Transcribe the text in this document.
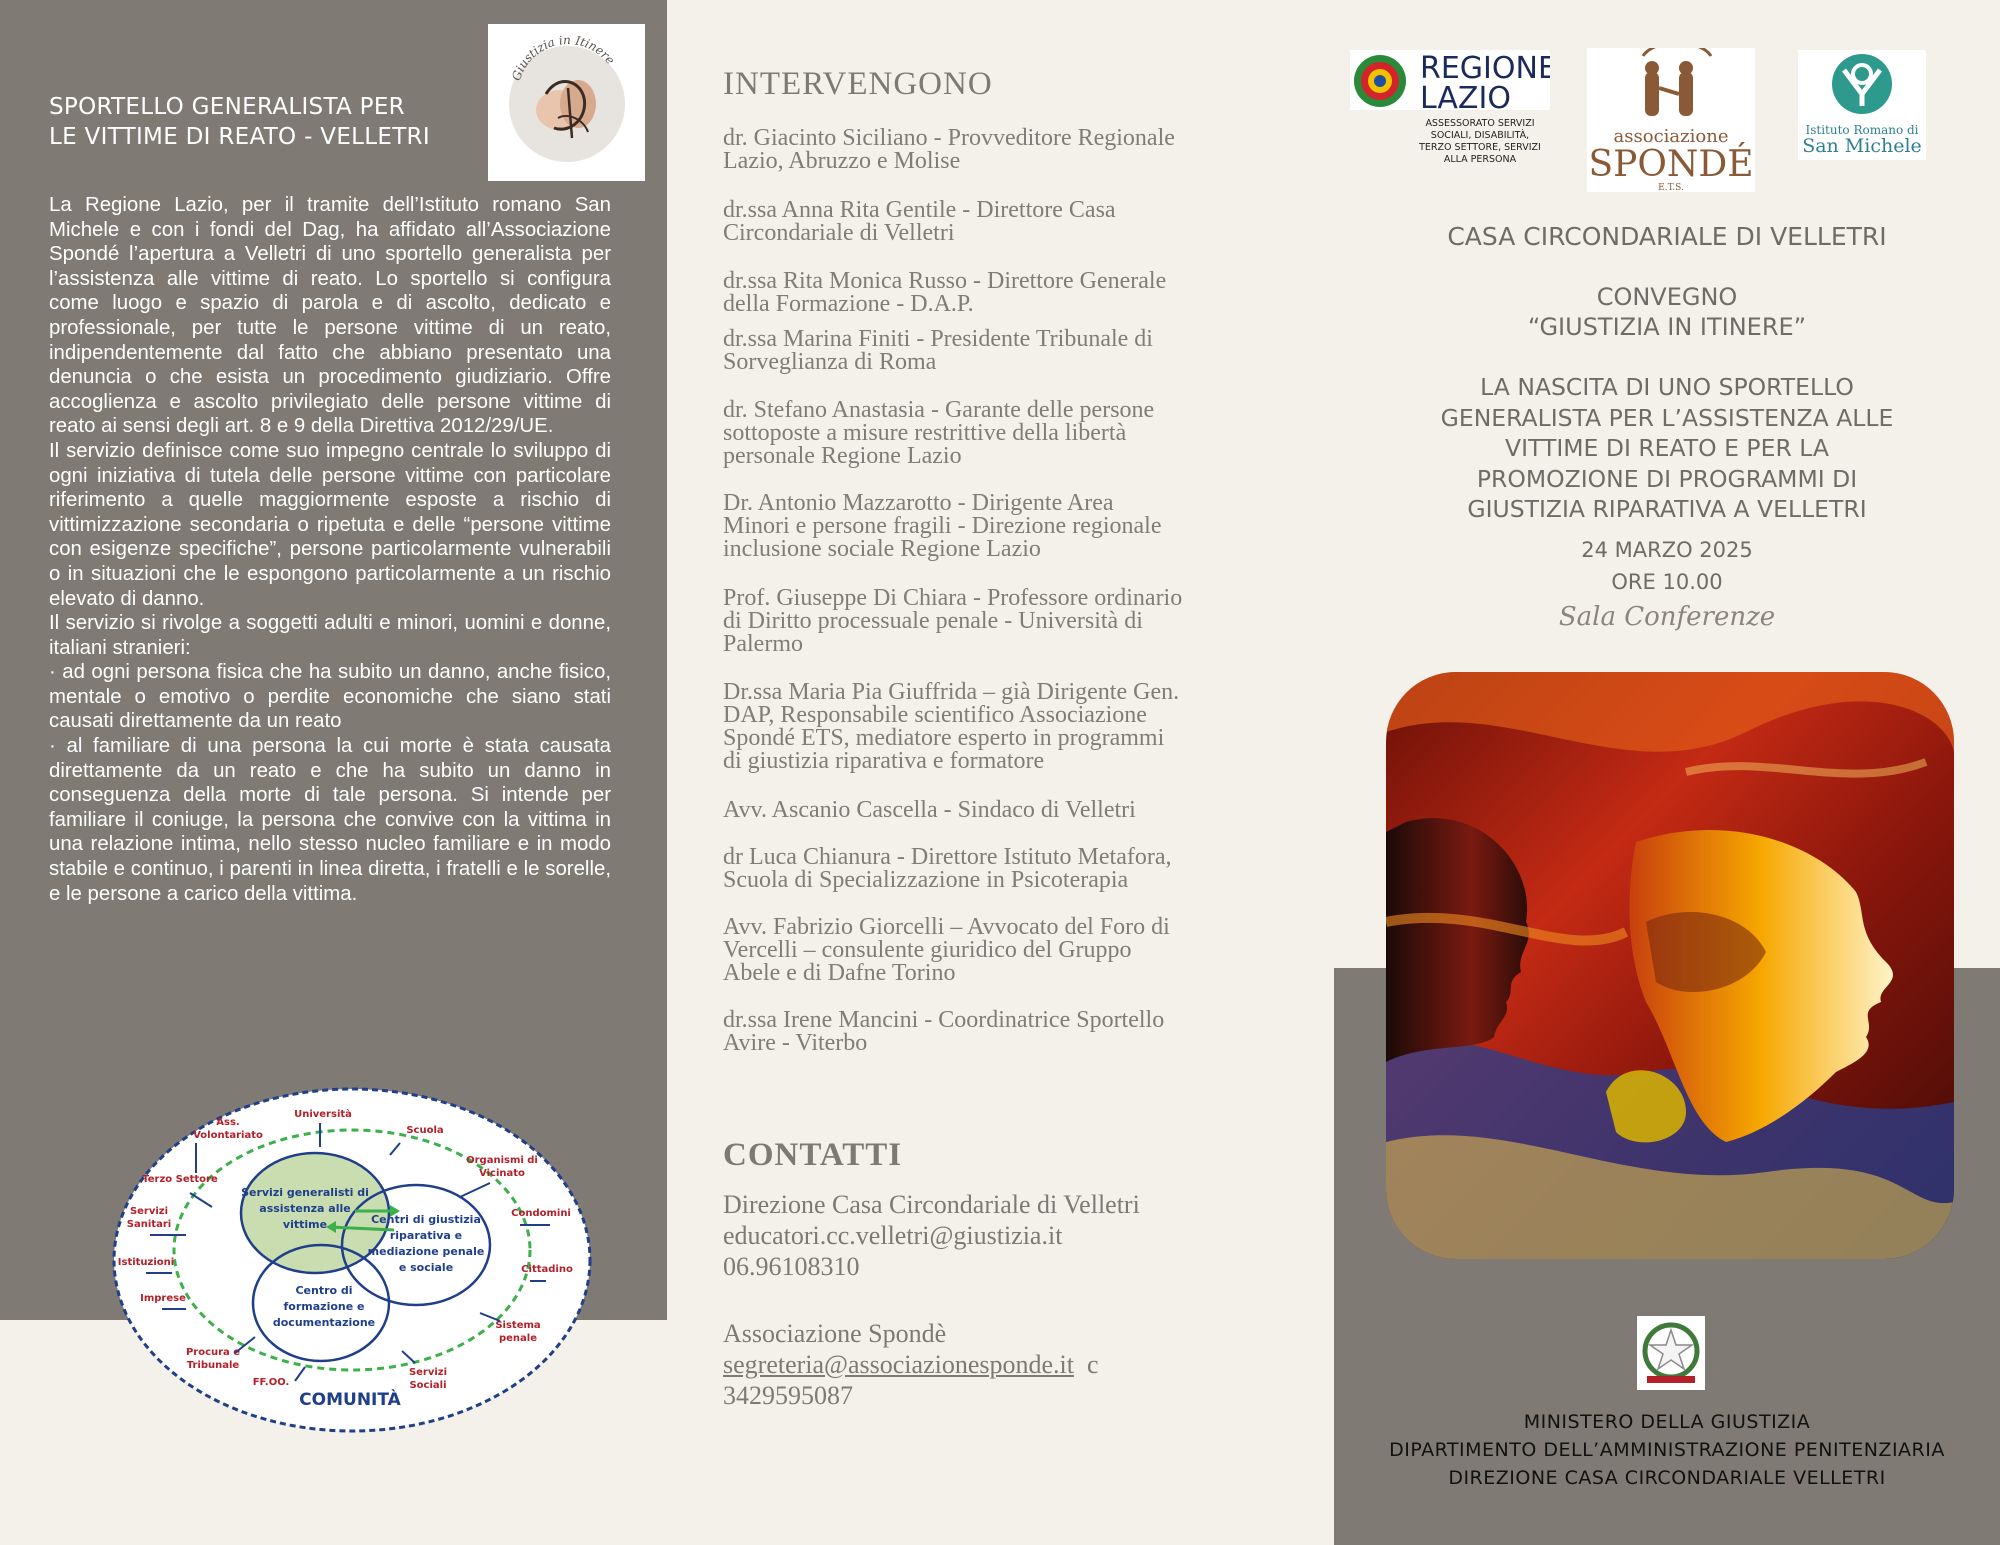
SPORTELLO GENERALISTA PER
LE VITTIME DI REATO - VELLETRI
Giustizia in Itinere

La Regione Lazio, per il tramite dell’Istituto romano San Michele e con i fondi del Dag, ha affidato all’Associazione Spondé l’apertura a Velletri di uno sportello generalista per l’assistenza alle vittime di reato. Lo sportello si configura come luogo e spazio di parola e di ascolto, dedicato e professionale, per tutte le persone vittime di un reato, indipendentemente dal fatto che abbiano presentato una denuncia o che esista un procedimento giudiziario. Offre accoglienza e ascolto privilegiato delle persone vittime di reato ai sensi degli art. 8 e 9 della Direttiva 2012/29/UE.

Il servizio definisce come suo impegno centrale lo sviluppo di ogni iniziativa di tutela delle persone vittime con particolare riferimento a quelle maggiormente esposte a rischio di vittimizzazione secondaria o ripetuta e delle “persone vittime con esigenze specifiche”, persone particolarmente vulnerabili o in situazioni che le espongono particolarmente a un rischio elevato di danno.

Il servizio si rivolge a soggetti adulti e minori, uomini e donne, italiani stranieri:

· ad ogni persona fisica che ha subito un danno, anche fisico, mentale o emotivo o perdite economiche che siano stati causati direttamente da un reato

· al familiare di una persona la cui morte è stata causata direttamente da un reato e che ha subito un danno in conseguenza della morte di tale persona. Si intende per familiare il coniuge, la persona che convive con la vittima in una relazione intima, nello stesso nucleo familiare e in modo stabile e continuo, i parenti in linea diretta, i fratelli e le sorelle, e le persone a carico della vittima.

Servizi generalisti di
assistenza alle
vittime	Centri di giustizia
riparativa e
mediazione penale
e sociale
Centro di
formazione e
documentazione
COMUNITÀ
Università
Ass.
Volontariato	Scuola
Organismi di
Vicinato
Terzo Settore
Condomini
Servizi
Sanitari
Istituzioni
Cittadino
Imprese
Sistema
penale
Procura e
Tribunale
FF.OO.
Servizi
Sociali
INTERVENGONO
dr. Giacinto Siciliano - Provveditore Regionale
Lazio, Abruzzo e Molise
dr.ssa Anna Rita Gentile - Direttore Casa
Circondariale di Velletri
dr.ssa Rita Monica Russo - Direttore Generale
della Formazione - D.A.P.
dr.ssa Marina Finiti - Presidente Tribunale di
Sorveglianza di Roma
dr. Stefano Anastasia - Garante delle persone
sottoposte a misure restrittive della libertà
personale Regione Lazio
Dr. Antonio Mazzarotto - Dirigente Area
Minori e persone fragili - Direzione regionale
inclusione sociale Regione Lazio
Prof. Giuseppe Di Chiara - Professore ordinario
di Diritto processuale penale - Università di
Palermo
Dr.ssa Maria Pia Giuffrida – già Dirigente Gen.
DAP, Responsabile scientifico Associazione
Spondé ETS, mediatore esperto in programmi
di giustizia riparativa e formatore
Avv. Ascanio Cascella - Sindaco di Velletri
dr Luca Chianura - Direttore Istituto Metafora,
Scuola di Specializzazione in Psicoterapia
Avv. Fabrizio Giorcelli – Avvocato del Foro di
Vercelli – consulente giuridico del Gruppo
Abele e di Dafne Torino
dr.ssa Irene Mancini - Coordinatrice Sportello
Avire - Viterbo
CONTATTI
Direzione Casa Circondariale di Velletri
educatori.cc.velletri@giustizia.it
06.96108310
Associazione Spondè
segreteria@associazionesponde.it  c
3429595087
REGIONE
LAZIO
ASSESSORATO SERVIZI
SOCIALI, DISABILITÀ,
TERZO SETTORE, SERVIZI
ALLA PERSONA
associazione
SPONDÉ
E.T.S.
Istituto Romano di
San Michele
CASA CIRCONDARIALE DI VELLETRI
CONVEGNO
“GIUSTIZIA IN ITINERE”
LA NASCITA DI UNO SPORTELLO
GENERALISTA PER L’ASSISTENZA ALLE
VITTIME DI REATO E PER LA
PROMOZIONE DI PROGRAMMI DI
GIUSTIZIA RIPARATIVA A VELLETRI
24 MARZO 2025
ORE 10.00
Sala Conferenze
MINISTERO DELLA GIUSTIZIA
DIPARTIMENTO DELL’AMMINISTRAZIONE PENITENZIARIA
DIREZIONE CASA CIRCONDARIALE VELLETRI
